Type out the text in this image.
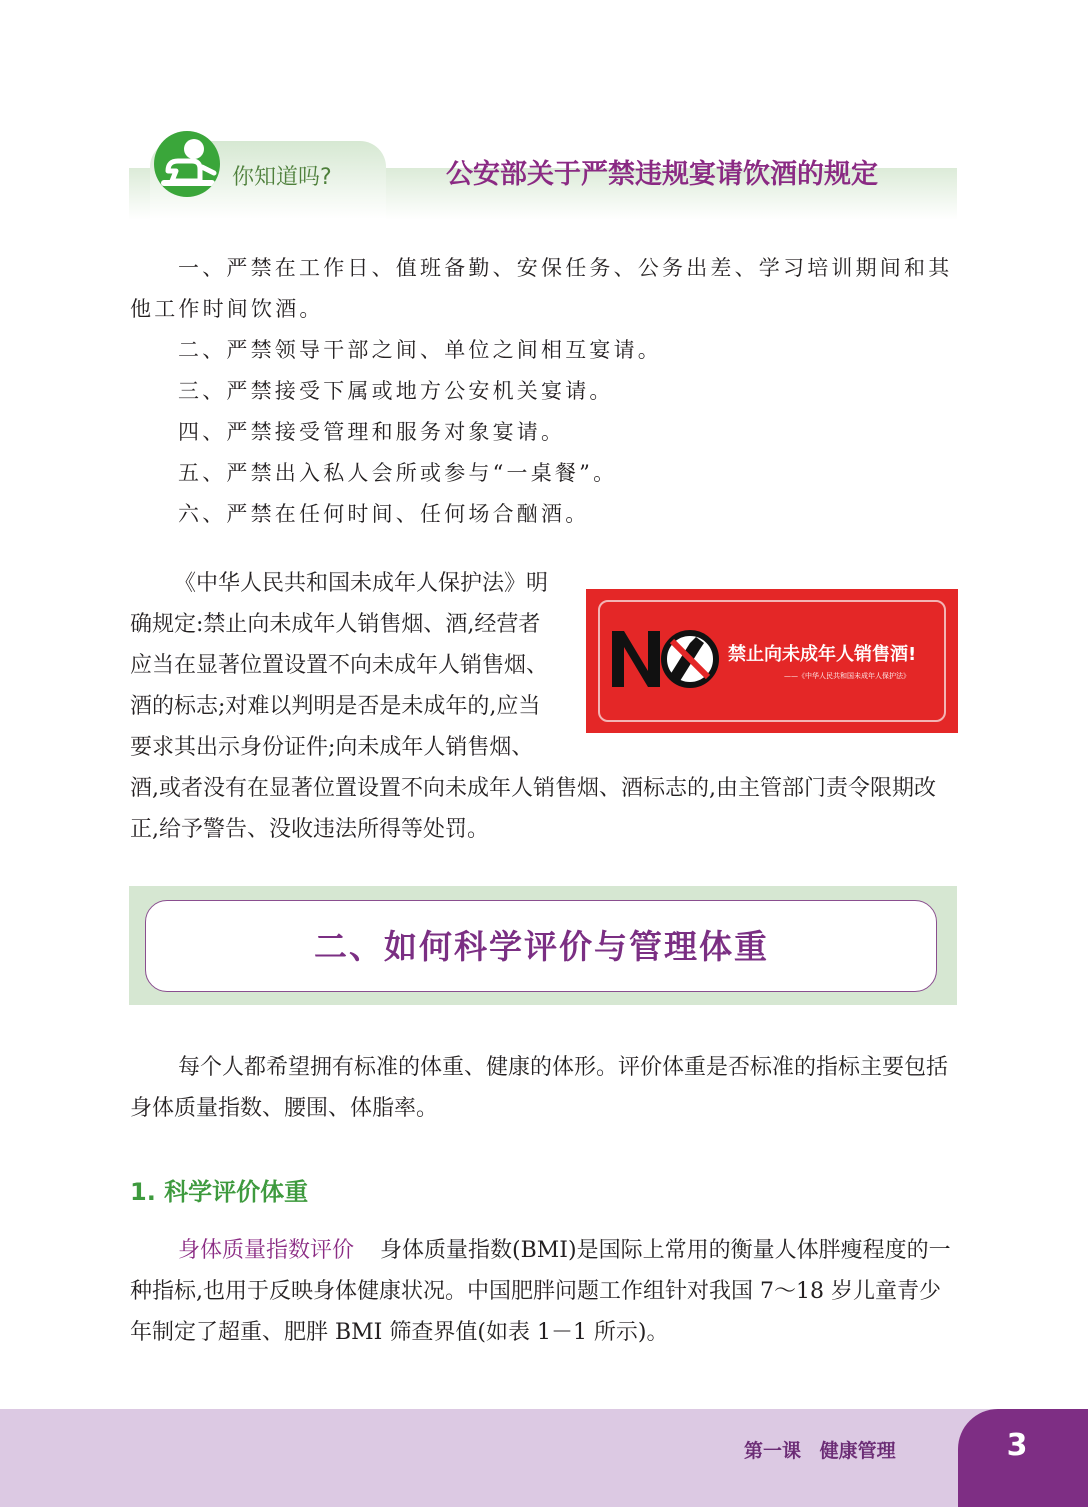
你知道吗?	公安部关于严禁违规宴请饮酒的规定
一、严禁在工作日、值班备勤、安保任务、公务出差、学习培训期间和其他工作时间饮酒。
二、严禁领导干部之间、单位之间相互宴请。
三、严禁接受下属或地方公安机关宴请。
四、严禁接受管理和服务对象宴请。
五、严禁出入私人会所或参与“一桌餐”。
六、严禁在任何时间、任何场合酗酒。

《中华人民共和国未成年人保护法》明确规定:禁止向未成年人销售烟、酒,经营者应当在显著位置设置不向未成年人销售烟、酒的标志;对难以判明是否是未成年的,应当要求其出示身份证件;向未成年人销售烟、酒,或者没有在显著位置设置不向未成年人销售烟、酒标志的,由主管部门责令限期改正,给予警告、没收违法所得等处罚。

禁止向未成年人销售酒!
——《中华人民共和国未成年人保护法》
二、如何科学评价与管理体重

每个人都希望拥有标准的体重、健康的体形。评价体重是否标准的指标主要包括身体质量指数、腰围、体脂率。

1. 科学评价体重

身体质量指数评价 身体质量指数(BMI)是国际上常用的衡量人体胖瘦程度的一种指标,也用于反映身体健康状况。中国肥胖问题工作组针对我国 7～18 岁儿童青少年制定了超重、肥胖 BMI 筛查界值(如表 1－1 所示)。

第一课 健康管理	3
